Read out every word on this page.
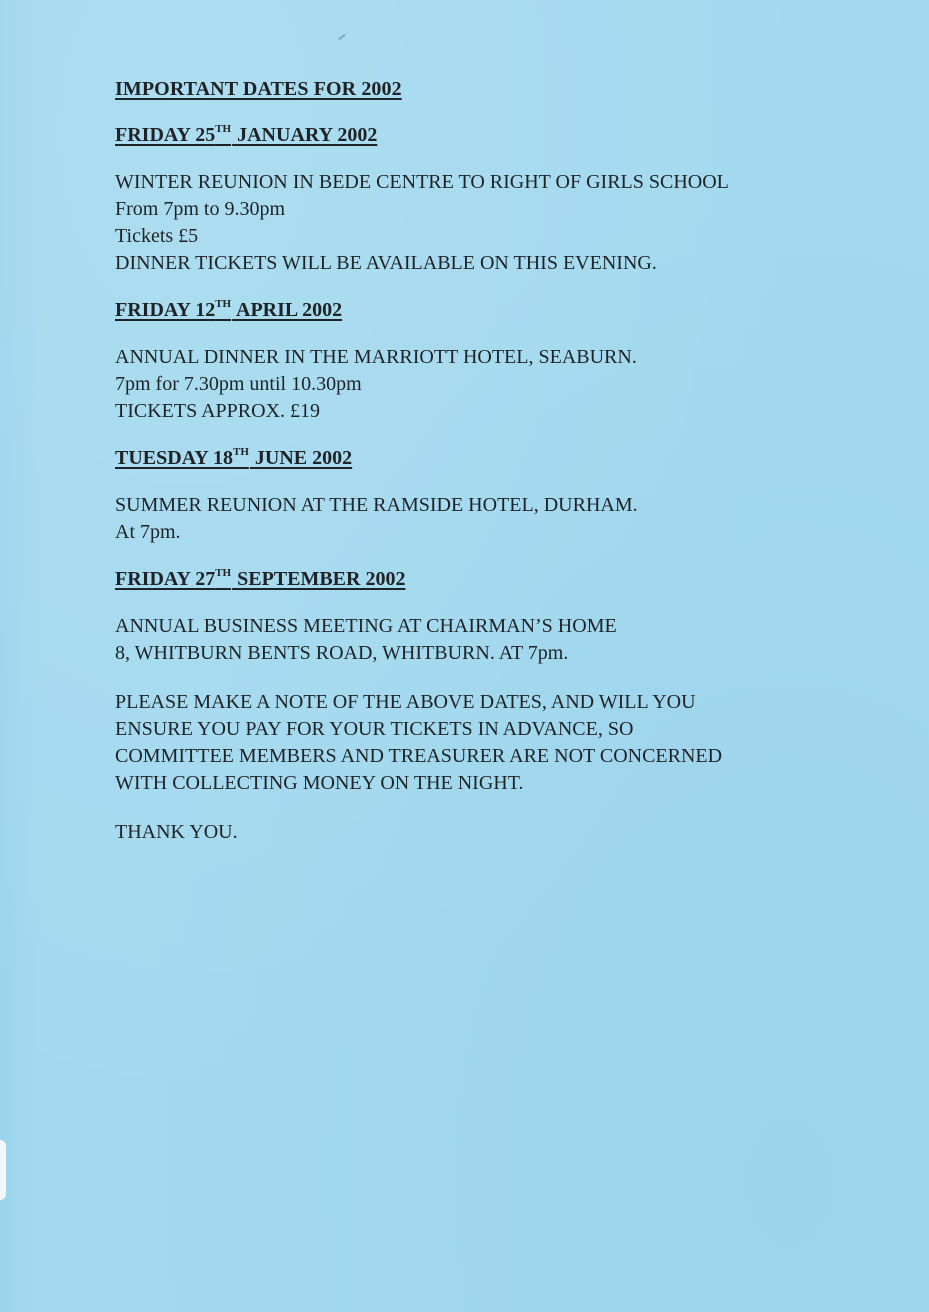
IMPORTANT DATES FOR 2002
FRIDAY 25TH JANUARY 2002
WINTER REUNION IN BEDE CENTRE TO RIGHT OF GIRLS SCHOOL
From 7pm to 9.30pm
Tickets £5
DINNER TICKETS WILL BE AVAILABLE ON THIS EVENING.
FRIDAY 12TH APRIL 2002
ANNUAL DINNER IN THE MARRIOTT HOTEL, SEABURN.
7pm for 7.30pm until 10.30pm
TICKETS APPROX. £19
TUESDAY 18TH JUNE 2002
SUMMER REUNION AT THE RAMSIDE HOTEL, DURHAM.
At 7pm.
FRIDAY 27TH SEPTEMBER 2002
ANNUAL BUSINESS MEETING AT CHAIRMAN’S HOME
8, WHITBURN BENTS ROAD, WHITBURN. AT 7pm.
PLEASE MAKE A NOTE OF THE ABOVE DATES, AND WILL YOU
ENSURE YOU PAY FOR YOUR TICKETS IN ADVANCE, SO
COMMITTEE MEMBERS AND TREASURER ARE NOT CONCERNED
WITH COLLECTING MONEY ON THE NIGHT.
THANK YOU.
